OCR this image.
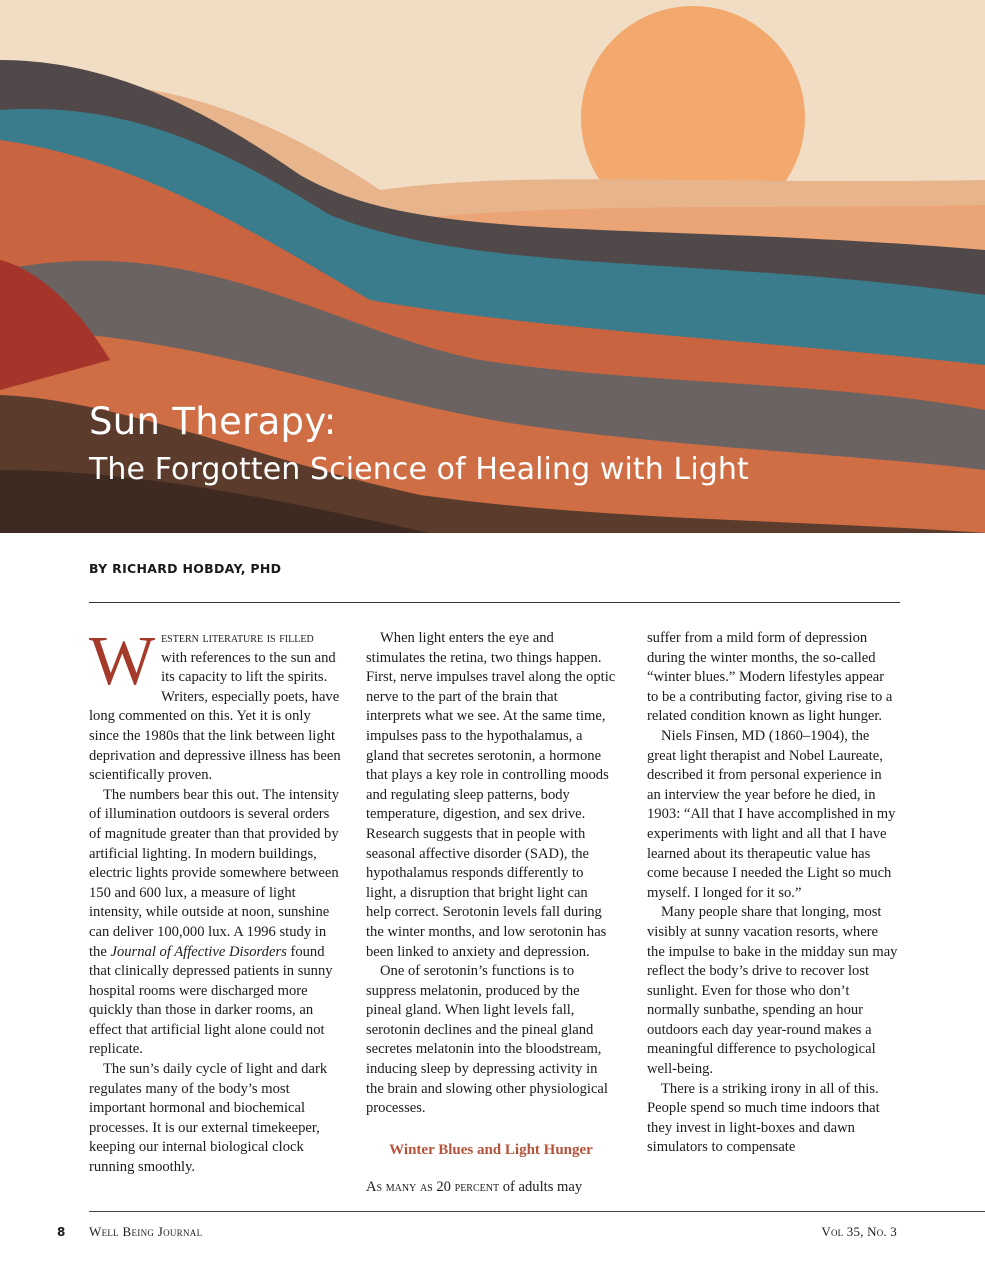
Sun Therapy:
The Forgotten Science of Healing with Light
BY RICHARD HOBDAY, PHD

Western literature is filled with references to the sun and its capacity to lift the spirits. Writers, especially poets, have long commented on this. Yet it is only since the 1980s that the link between light deprivation and depressive illness has been scientifically proven.

The numbers bear this out. The intensity of illumination outdoors is several orders of magnitude greater than that provided by artificial lighting. In modern buildings, electric lights provide somewhere between 150 and 600 lux, a measure of light intensity, while outside at noon, sunshine can deliver 100,000 lux. A 1996 study in the Journal of Affective Disorders found that clinically depressed patients in sunny hospital rooms were discharged more quickly than those in darker rooms, an effect that artificial light alone could not replicate.

The sun’s daily cycle of light and dark regulates many of the body’s most important hormonal and biochemical processes. It is our external timekeeper, keeping our internal biological clock running smoothly.

When light enters the eye and stimulates the retina, two things happen. First, nerve impulses travel along the optic nerve to the part of the brain that interprets what we see. At the same time, impulses pass to the hypothalamus, a gland that secretes serotonin, a hormone that plays a key role in controlling moods and regulating sleep patterns, body temperature, digestion, and sex drive. Research suggests that in people with seasonal affective disorder (SAD), the hypothalamus responds differently to light, a disruption that bright light can help correct. Serotonin levels fall during the winter months, and low serotonin has been linked to anxiety and depression.

One of serotonin’s functions is to suppress melatonin, produced by the pineal gland. When light levels fall, serotonin declines and the pineal gland secretes melatonin into the bloodstream, inducing sleep by depressing activity in the brain and slowing other physiological processes.

Winter Blues and Light Hunger

As many as 20 percent of adults may

suffer from a mild form of depression during the winter months, the so-called “winter blues.” Modern lifestyles appear to be a contributing factor, giving rise to a related condition known as light hunger.

Niels Finsen, MD (1860–1904), the great light therapist and Nobel Laureate, described it from personal experience in an interview the year before he died, in 1903: “All that I have accomplished in my experiments with light and all that I have learned about its therapeutic value has come because I needed the Light so much myself. I longed for it so.”

Many people share that longing, most visibly at sunny vacation resorts, where the impulse to bake in the midday sun may reflect the body’s drive to recover lost sunlight. Even for those who don’t normally sunbathe, spending an hour outdoors each day year-round makes a meaningful difference to psychological well-being.

There is a striking irony in all of this. People spend so much time indoors that they invest in light-boxes and dawn simulators to compensate

8 Well Being Journal	Vol 35, No. 3
